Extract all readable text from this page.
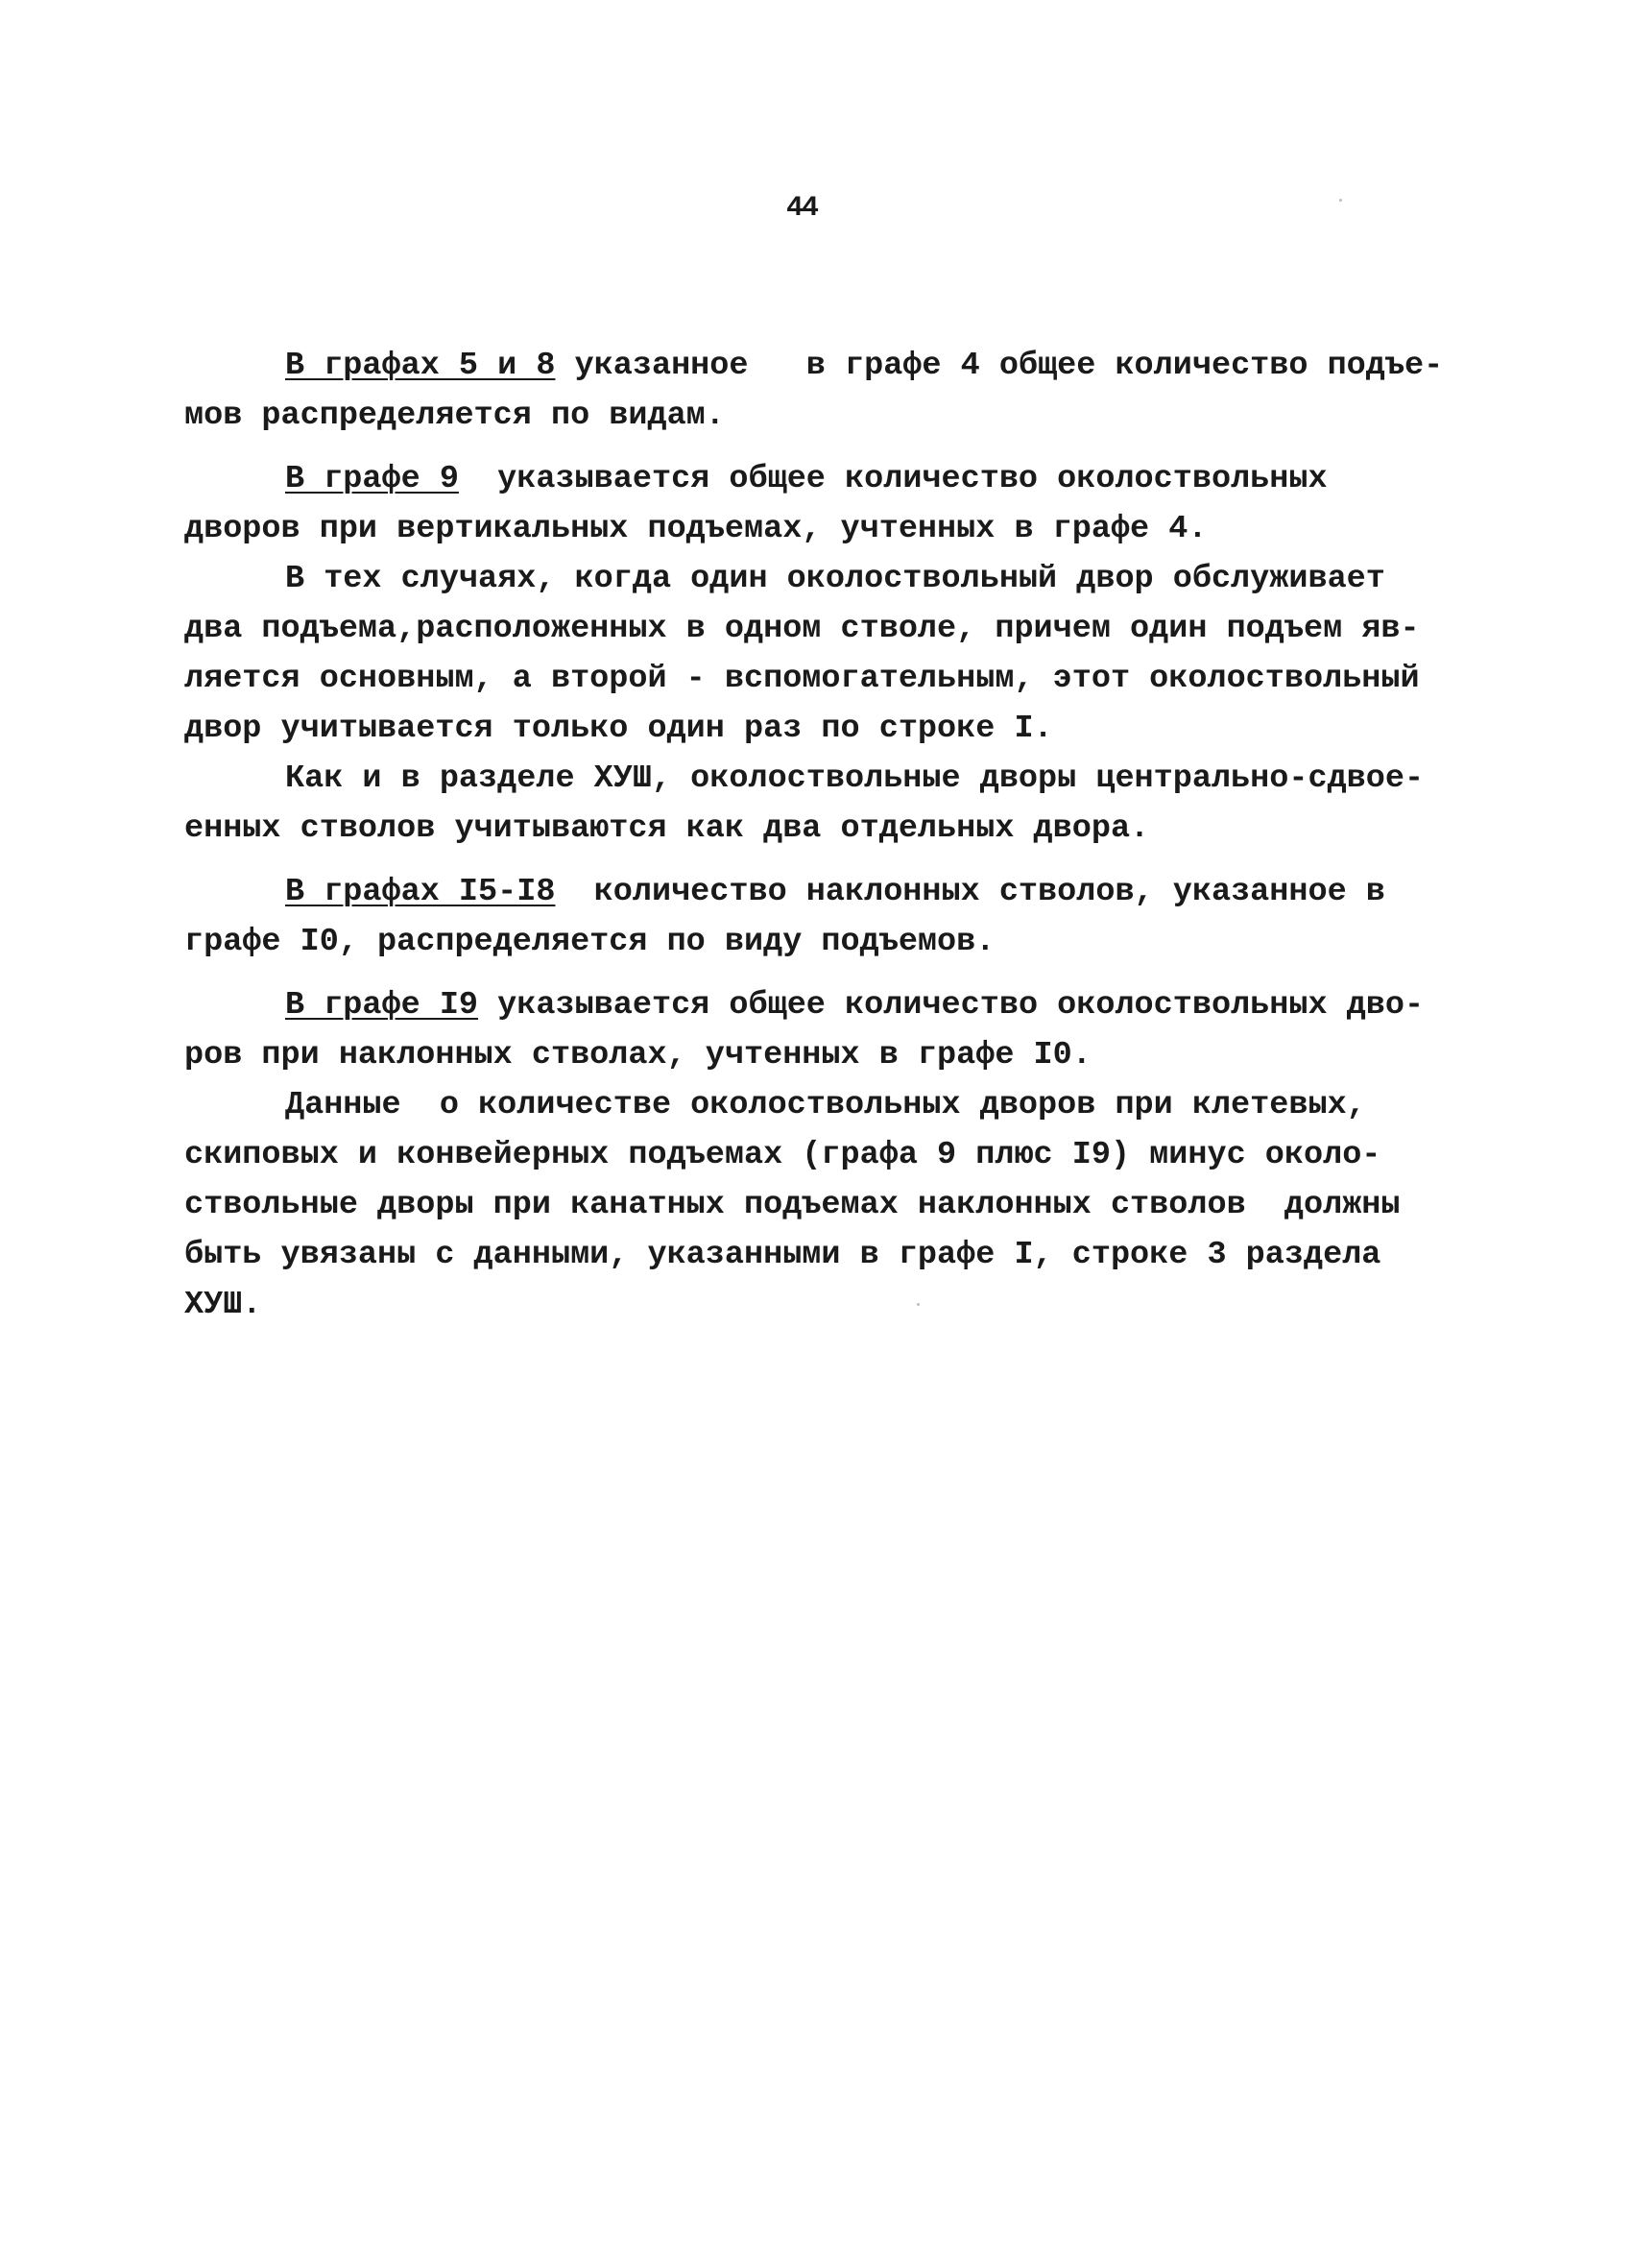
44
В графах 5 и 8 указанное   в графе 4 общее количество подъе-
мов распределяется по видам.
В графе 9  указывается общее количество околоствольных
дворов при вертикальных подъемах, учтенных в графе 4.
В тех случаях, когда один околоствольный двор обслуживает
два подъема,расположенных в одном стволе, причем один подъем яв-
ляется основным, а второй - вспомогательным, этот околоствольный
двор учитывается только один раз по строке I.
Как и в разделе ХУШ, околоствольные дворы центрально-сдвое-
енных стволов учитываются как два отдельных двора.
В графах I5-I8  количество наклонных стволов, указанное в
графе I0, распределяется по виду подъемов.
В графе I9 указывается общее количество околоствольных дво-
ров при наклонных стволах, учтенных в графе I0.
Данные  о количестве околоствольных дворов при клетевых,
скиповых и конвейерных подъемах (графа 9 плюс I9) минус около-
ствольные дворы при канатных подъемах наклонных стволов  должны
быть увязаны с данными, указанными в графе I, строке 3 раздела
ХУШ.
